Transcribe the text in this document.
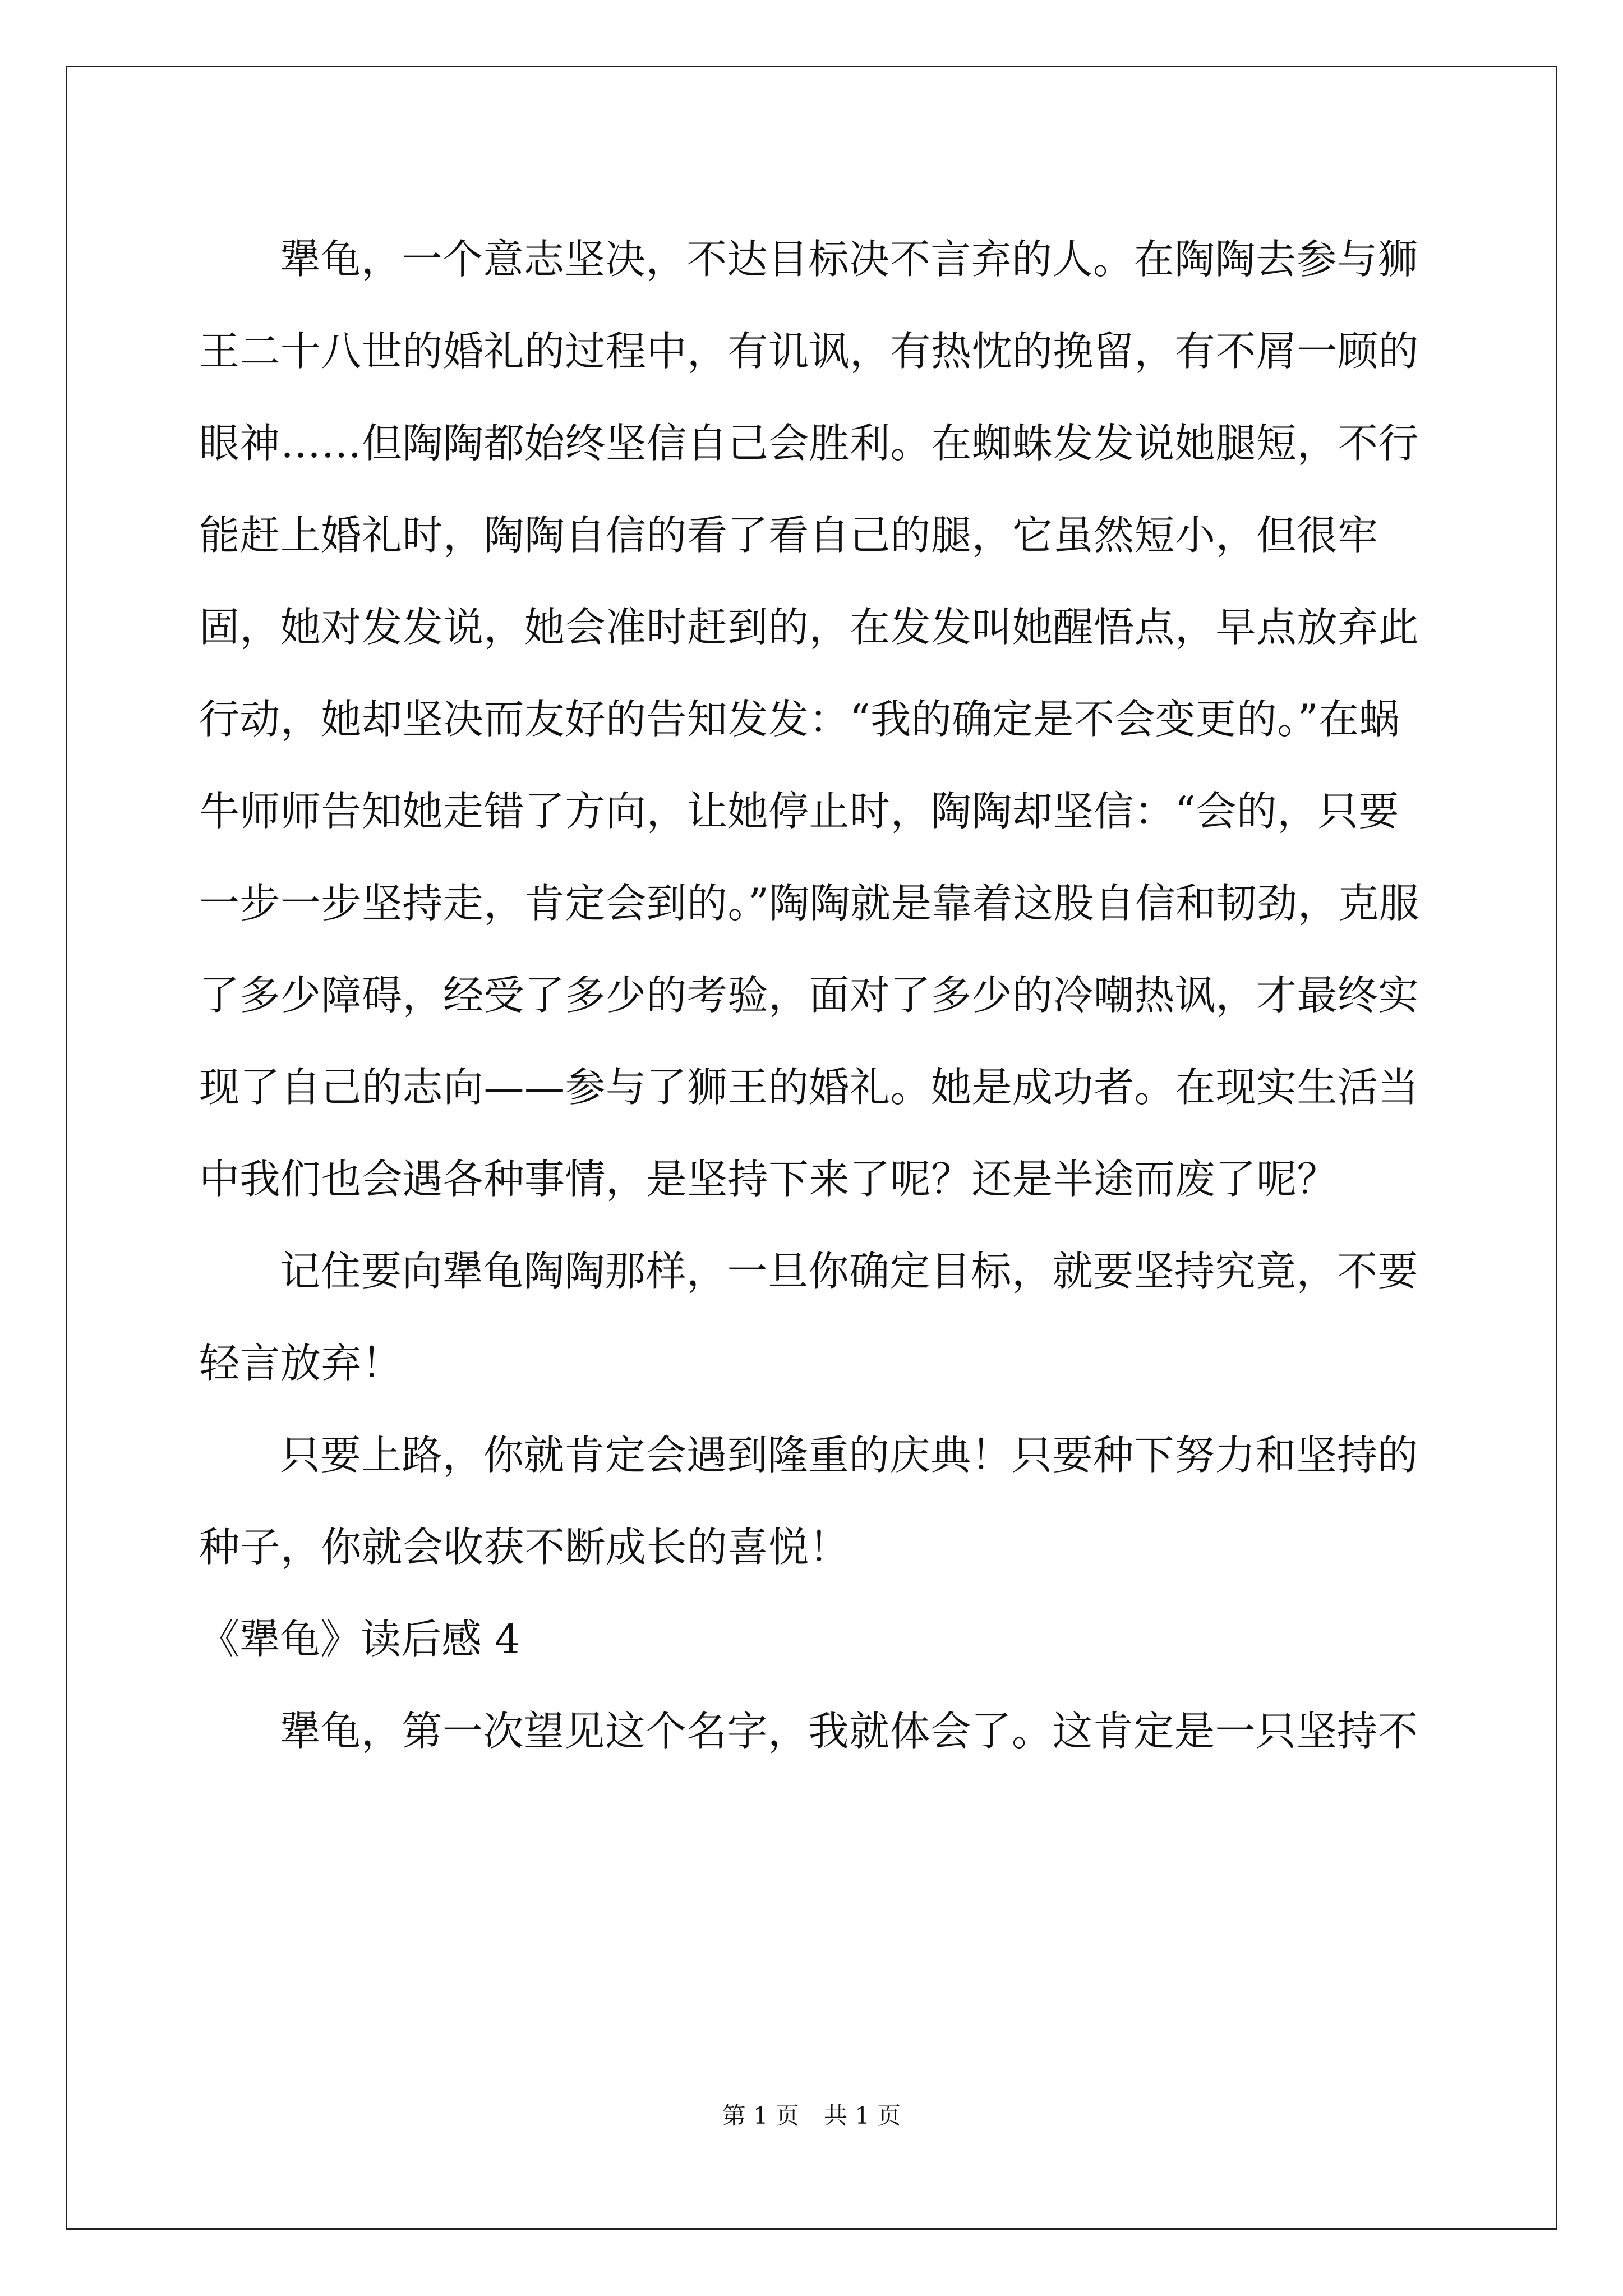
犟龟，一个意志坚决，不达目标决不言弃的人。在陶陶去参与狮王二十八世的婚礼的过程中，有讥讽，有热忱的挽留，有不屑一顾的眼神……但陶陶都始终坚信自己会胜利。在蜘蛛发发说她腿短，不行能赶上婚礼时，陶陶自信的看了看自己的腿，它虽然短小，但很牢固，她对发发说，她会准时赶到的，在发发叫她醒悟点，早点放弃此行动，她却坚决而友好的告知发发：“我的确定是不会变更的。”在蜗牛师师告知她走错了方向，让她停止时，陶陶却坚信：“会的，只要一步一步坚持走，肯定会到的。”陶陶就是靠着这股自信和韧劲，克服了多少障碍，经受了多少的考验，面对了多少的冷嘲热讽，才最终实现了自己的志向——参与了狮王的婚礼。她是成功者。在现实生活当中我们也会遇各种事情，是坚持下来了呢？还是半途而废了呢？

记住要向犟龟陶陶那样，一旦你确定目标，就要坚持究竟，不要轻言放弃！

只要上路，你就肯定会遇到隆重的庆典！只要种下努力和坚持的种子，你就会收获不断成长的喜悦！

《犟龟》读后感 4

犟龟，第一次望见这个名字，我就体会了。这肯定是一只坚持不

第 1 页 共 1 页
